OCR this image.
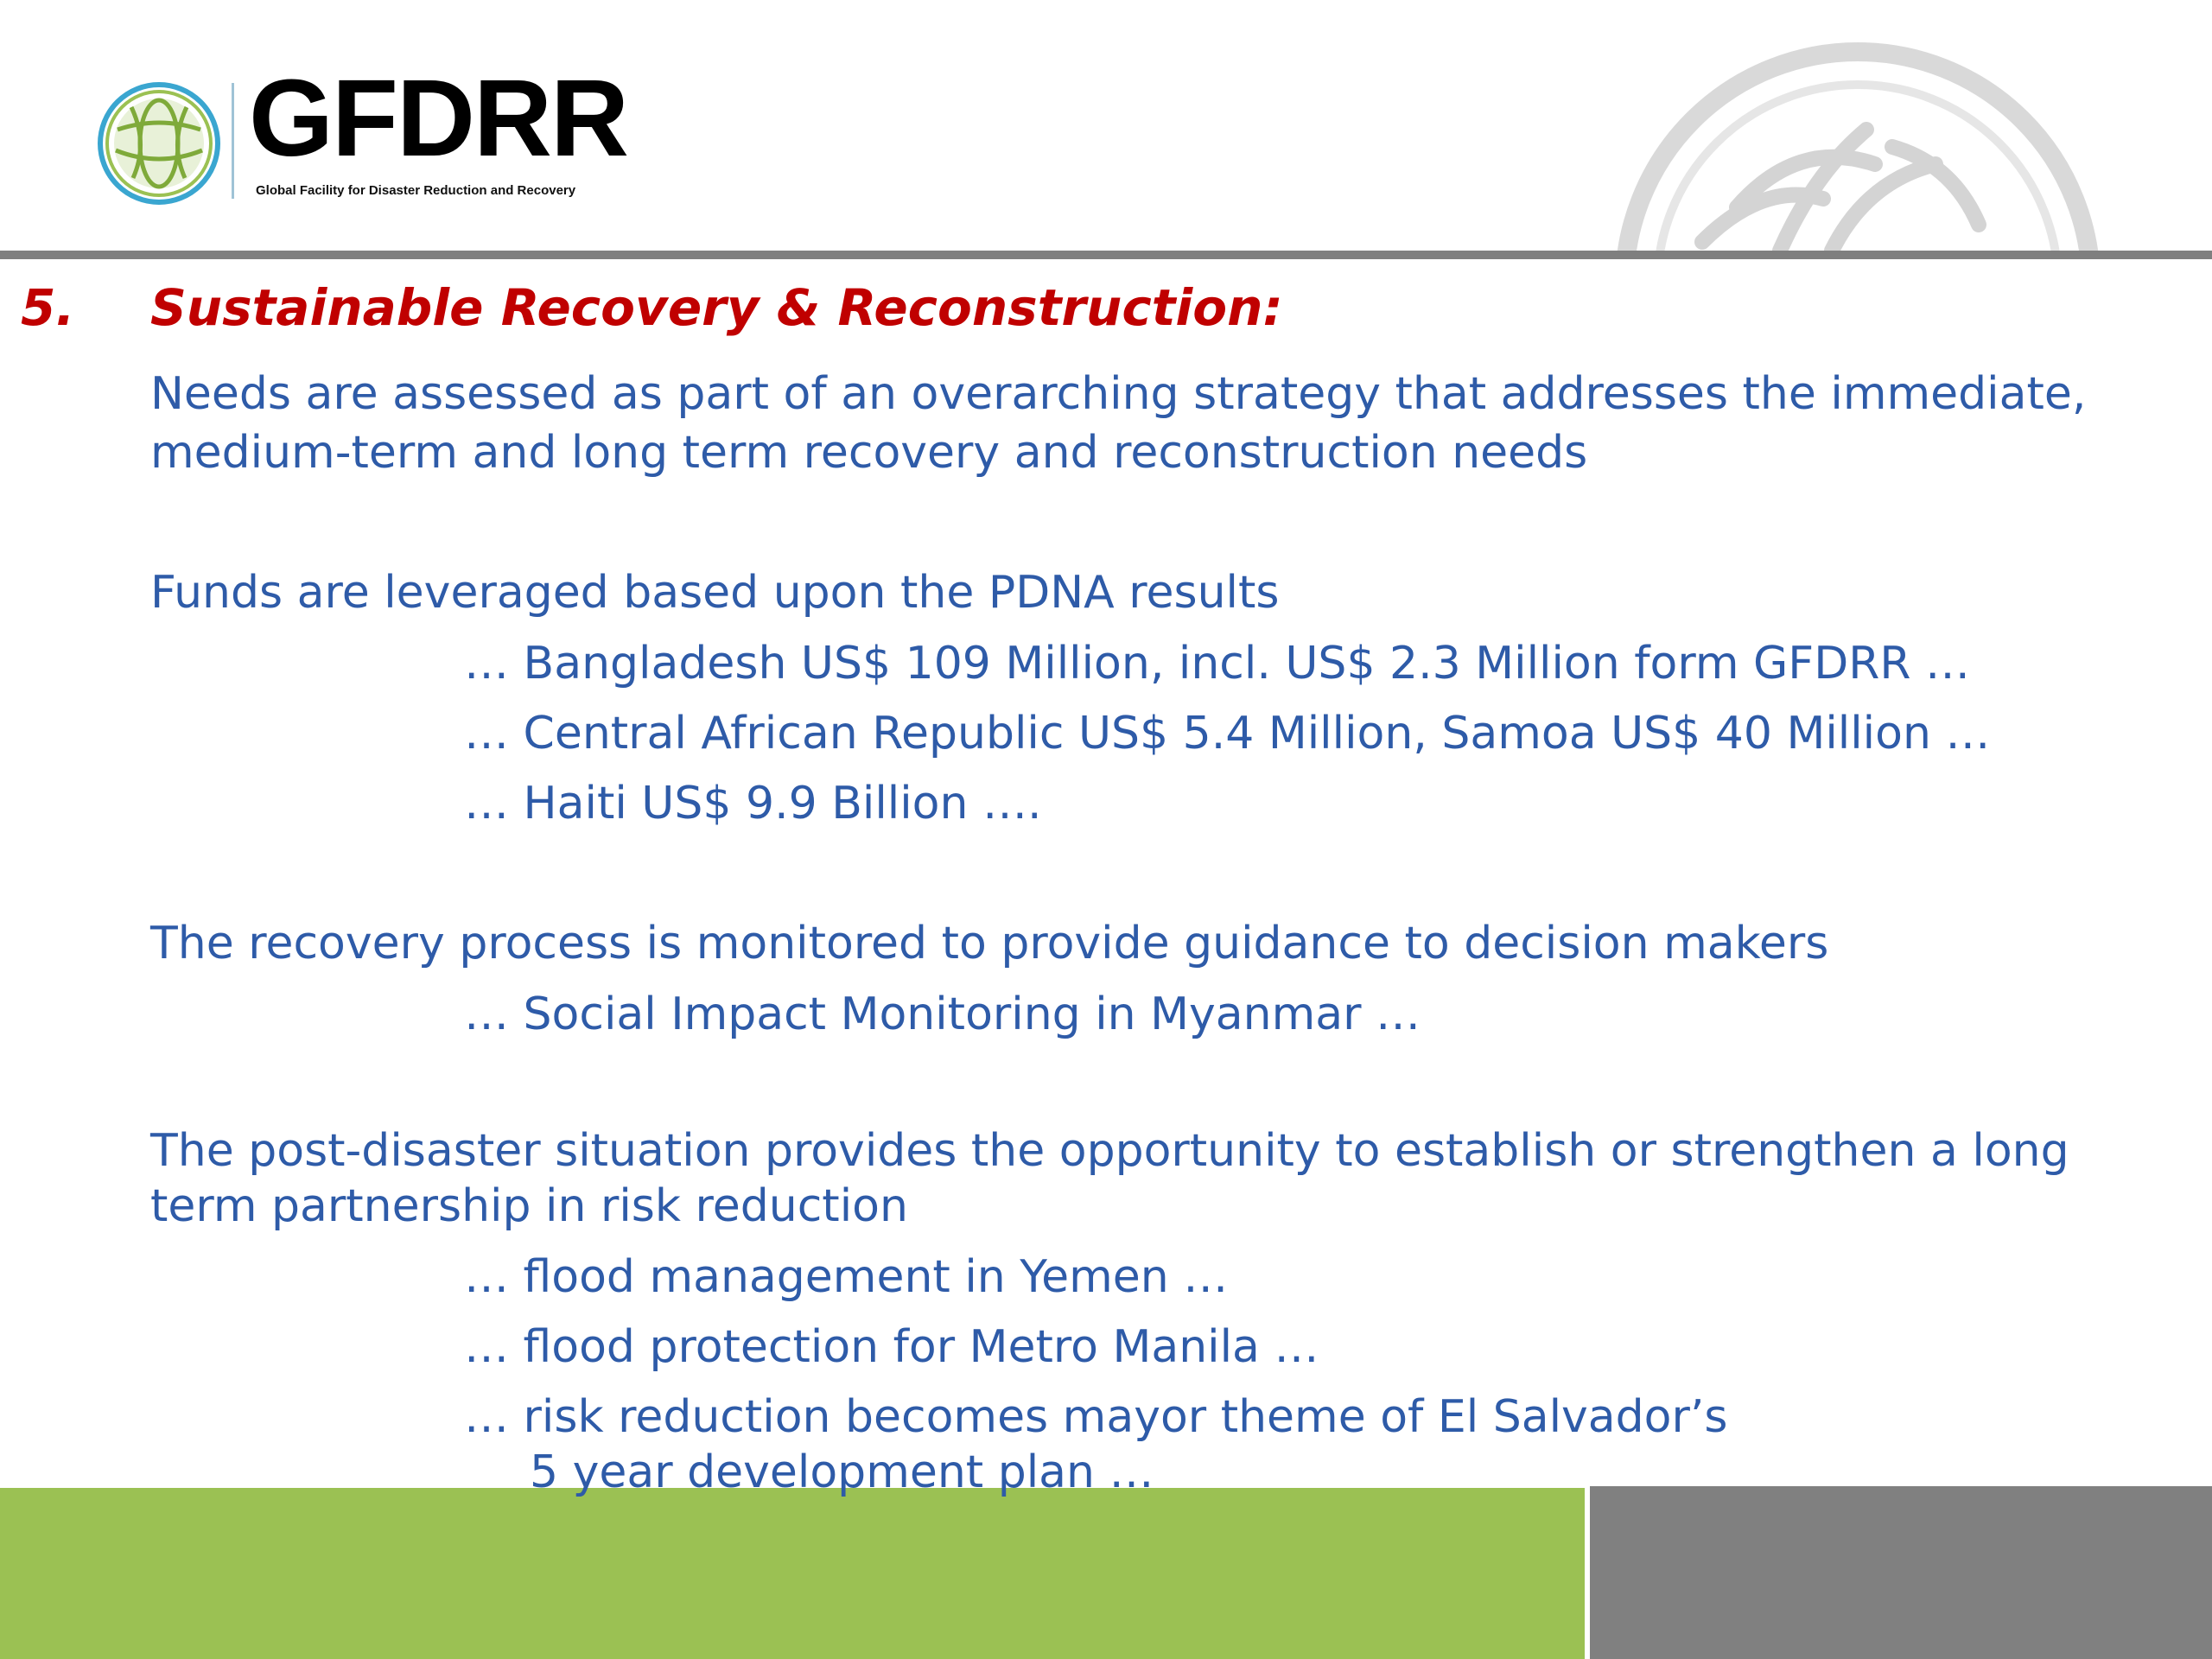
GFDRR
Global Facility for Disaster Reduction and Recovery
5. Sustainable Recovery & Reconstruction:
Needs are assessed as part of an overarching strategy that addresses the immediate,
medium-term and long term recovery and reconstruction needs
Funds are leveraged based upon the PDNA results
… Bangladesh US$ 109 Million, incl. US$ 2.3 Million form GFDRR …
… Central African Republic US$ 5.4 Million, Samoa US$ 40 Million …
… Haiti US$ 9.9 Billion ….
The recovery process is monitored to provide guidance to decision makers
… Social Impact Monitoring in Myanmar …
The post-disaster situation provides the opportunity to establish or strengthen a long
term partnership in risk reduction
… flood management in Yemen …
… flood protection for Metro Manila …
… risk reduction becomes mayor theme of El Salvador’s
5 year development plan …
